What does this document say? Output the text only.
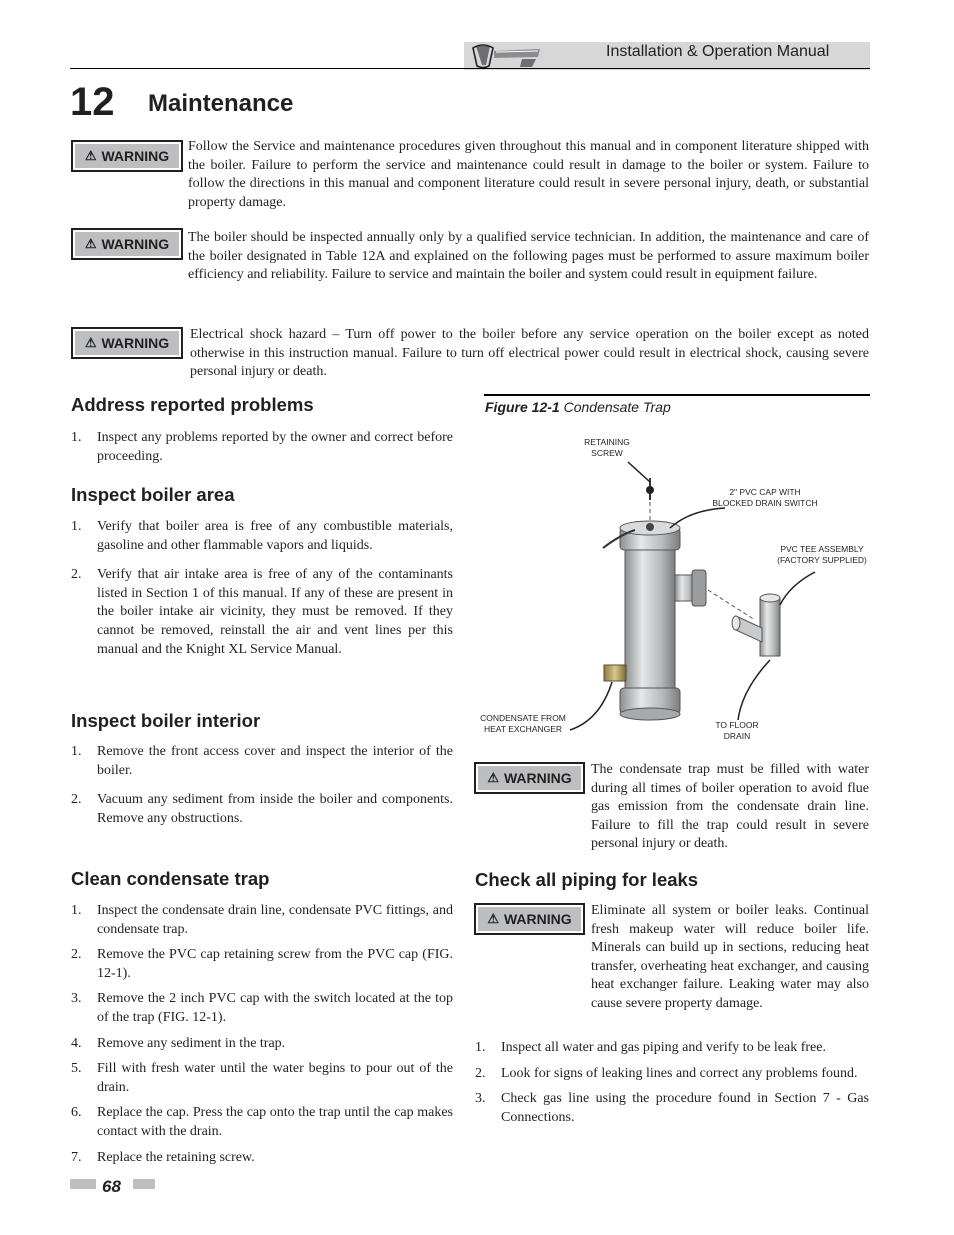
Installation & Operation Manual
12 Maintenance
⚠ WARNING
Follow the Service and maintenance procedures given throughout this manual and in component literature shipped with the boiler. Failure to perform the service and maintenance could result in damage to the boiler or system. Failure to follow the directions in this manual and component literature could result in severe personal injury, death, or substantial property damage.
⚠ WARNING The boiler should be inspected annually only by a qualified service technician. In addition, the maintenance and care of the boiler designated in Table 12A and explained on the following pages must be performed to assure maximum boiler efficiency and reliability. Failure to service and maintain the boiler and system could result in equipment failure.
⚠ WARNING
Electrical shock hazard – Turn off power to the boiler before any service operation on the boiler except as noted otherwise in this instruction manual. Failure to turn off electrical power could result in electrical shock, causing severe personal injury or death.
Address reported problems
1. Inspect any problems reported by the owner and correct before proceeding.
Inspect boiler area
1. Verify that boiler area is free of any combustible materials, gasoline and other flammable vapors and liquids.
2. Verify that air intake area is free of any of the contaminants listed in Section 1 of this manual. If any of these are present in the boiler intake air vicinity, they must be removed. If they cannot be removed, reinstall the air and vent lines per this manual and the Knight XL Service Manual.
Inspect boiler interior
1. Remove the front access cover and inspect the interior of the boiler.
2. Vacuum any sediment from inside the boiler and components. Remove any obstructions.
Clean condensate trap
1. Inspect the condensate drain line, condensate PVC fittings, and condensate trap.
2. Remove the PVC cap retaining screw from the PVC cap (FIG. 12-1).
3. Remove the 2 inch PVC cap with the switch located at the top of the trap (FIG. 12-1).
4. Remove any sediment in the trap.
5. Fill with fresh water until the water begins to pour out of the drain.
6. Replace the cap. Press the cap onto the trap until the cap makes contact with the drain.
7. Replace the retaining screw.
Figure 12-1 Condensate Trap
RETAINING
SCREW
2" PVC CAP WITH
BLOCKED DRAIN SWITCH
PVC TEE ASSEMBLY
(FACTORY SUPPLIED)
CONDENSATE FROM
HEAT EXCHANGER	TO FLOOR
DRAIN
⚠ WARNING
The condensate trap must be filled with water during all times of boiler operation to avoid flue gas emission from the condensate drain line. Failure to fill the trap could result in severe personal injury or death.
Check all piping for leaks
⚠ WARNING
Eliminate all system or boiler leaks. Continual fresh makeup water will reduce boiler life. Minerals can build up in sections, reducing heat transfer, overheating heat exchanger, and causing heat exchanger failure. Leaking water may also cause severe property damage.
1. Inspect all water and gas piping and verify to be leak free.
2. Look for signs of leaking lines and correct any problems found.
3. Check gas line using the procedure found in Section 7 - Gas Connections.
68
